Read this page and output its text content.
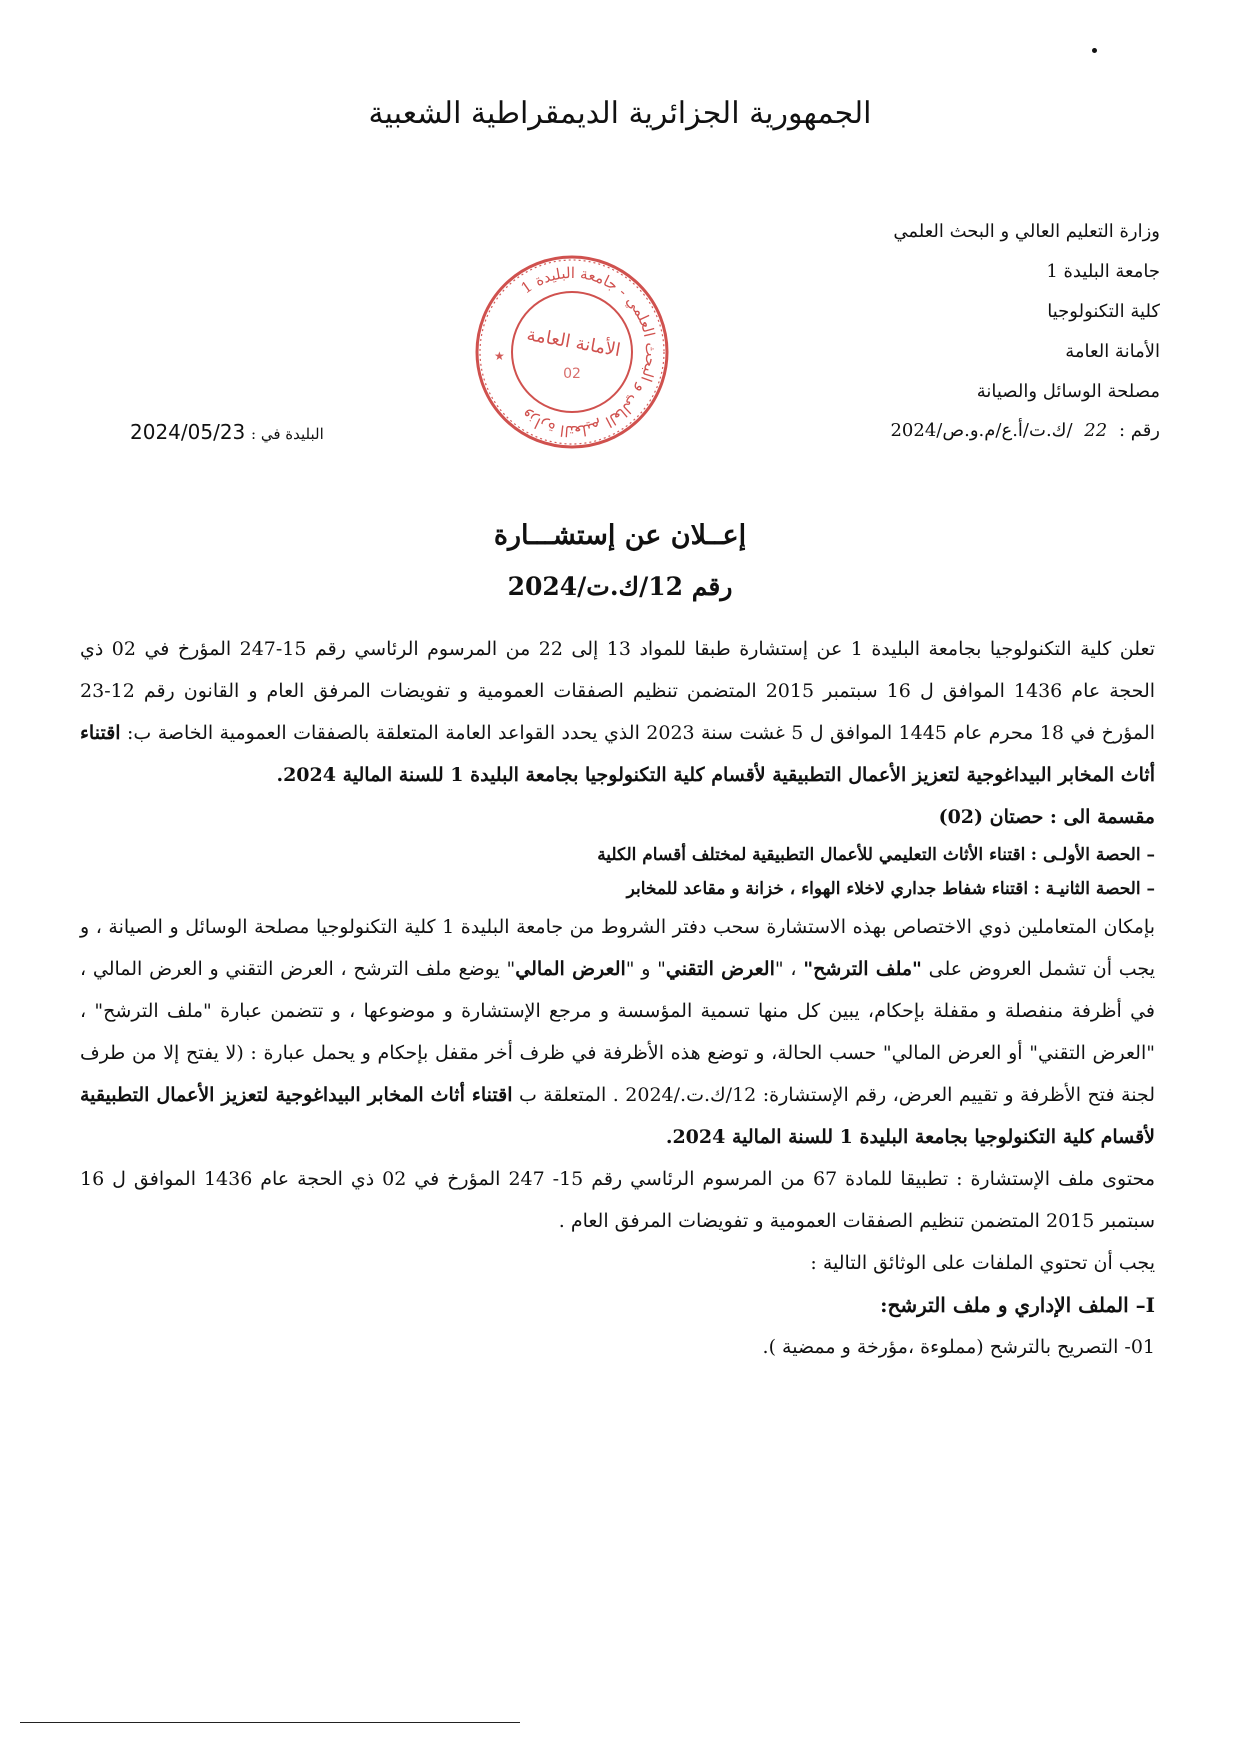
الجمهورية الجزائرية الديمقراطية الشعبية
وزارة التعليم العالي و البحث العلمي
جامعة البليدة 1
كلية التكنولوجيا
الأمانة العامة
مصلحة الوسائل والصيانة
رقم : 22 /ك.ت/أ.ع/م.و.ص/2024
البليدة في : 2024/05/23
وزارة التعليم العالي و البحث العلمي - جامعة البليدة 1
الأمانة العامة
02
★
إعــلان عن إستشـــارة
رقم 12/ك.ت/2024

تعلن كلية التكنولوجيا بجامعة البليدة 1 عن إستشارة طبقا للمواد 13 إلى 22 من المرسوم الرئاسي رقم 15-247 المؤرخ في 02 ذي الحجة عام 1436 الموافق ل 16 سبتمبر 2015 المتضمن تنظيم الصفقات العمومية و تفويضات المرفق العام و القانون رقم 12-23 المؤرخ في 18 محرم عام 1445 الموافق ل 5 غشت سنة 2023 الذي يحدد القواعد العامة المتعلقة بالصفقات العمومية الخاصة ب: اقتناء أثاث المخابر البيداغوجية لتعزيز الأعمال التطبيقية لأقسام كلية التكنولوجيا بجامعة البليدة 1 للسنة المالية 2024.

مقسمة الى : حصتان (02)

– الحصة الأولـى : اقتناء الأثاث التعليمي للأعمال التطبيقية لمختلف أقسام الكلية

– الحصة الثانيـة : اقتناء شفاط جداري لاخلاء الهواء ، خزانة و مقاعد للمخابر

بإمكان المتعاملين ذوي الاختصاص بهذه الاستشارة سحب دفتر الشروط من جامعة البليدة 1 كلية التكنولوجيا مصلحة الوسائل و الصيانة ، و يجب أن تشمل العروض على "ملف الترشح" ، "العرض التقني" و "العرض المالي" يوضع ملف الترشح ، العرض التقني و العرض المالي ، في أظرفة منفصلة و مقفلة بإحكام، يبين كل منها تسمية المؤسسة و مرجع الإستشارة و موضوعها ، و تتضمن عبارة "ملف الترشح" ، "العرض التقني" أو العرض المالي" حسب الحالة، و توضع هذه الأظرفة في ظرف أخر مقفل بإحكام و يحمل عبارة : (لا يفتح إلا من طرف لجنة فتح الأظرفة و تقييم العرض، رقم الإستشارة: 12/ك.ت./2024 . المتعلقة ب اقتناء أثاث المخابر البيداغوجية لتعزيز الأعمال التطبيقية لأقسام كلية التكنولوجيا بجامعة البليدة 1 للسنة المالية 2024.

محتوى ملف الإستشارة : تطبيقا للمادة 67 من المرسوم الرئاسي رقم 15- 247 المؤرخ في 02 ذي الحجة عام 1436 الموافق ل 16 سبتمبر 2015 المتضمن تنظيم الصفقات العمومية و تفويضات المرفق العام .

يجب أن تحتوي الملفات على الوثائق التالية :

I– الملف الإداري و ملف الترشح:

01- التصريح بالترشح (مملوءة ،مؤرخة و ممضية ).
